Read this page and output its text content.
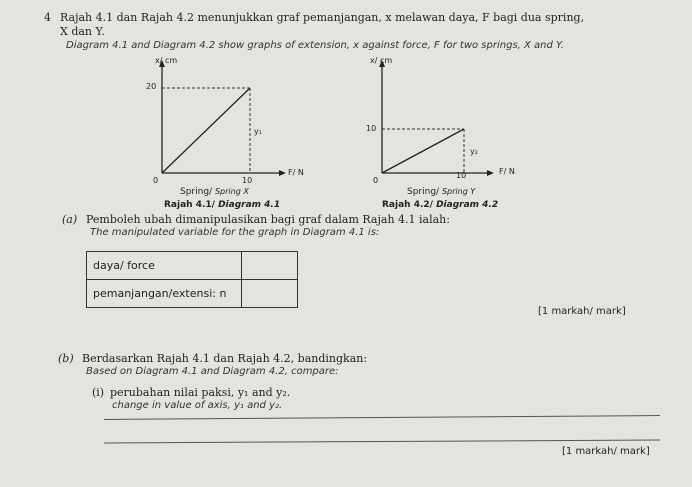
4 Rajah 4.1 dan Rajah 4.2 menunjukkan graf pemanjangan, x melawan daya, F bagi dua spring,
X dan Y.
Diagram 4.1 and Diagram 4.2 show graphs of extension, x against force, F for two springs, X and Y.
x/ cm
20
0	10
F/ N
y₁
Spring/ Spring X
Rajah 4.1/ Diagram 4.1
x/ cm
10
0
10	F/ N
y₂
Spring/ Spring Y
Rajah 4.2/ Diagram 4.2
(a) Pemboleh ubah dimanipulasikan bagi graf dalam Rajah 4.1 ialah:
The manipulated variable for the graph in Diagram 4.1 is:
daya/ force	
pemanjangan/extensi: n	
[1 markah/ mark]
(b) Berdasarkan Rajah 4.1 dan Rajah 4.2, bandingkan:
Based on Diagram 4.1 and Diagram 4.2, compare:
(i) perubahan nilai paksi, y₁ and y₂.
change in value of axis, y₁ and y₂.
[1 markah/ mark]
